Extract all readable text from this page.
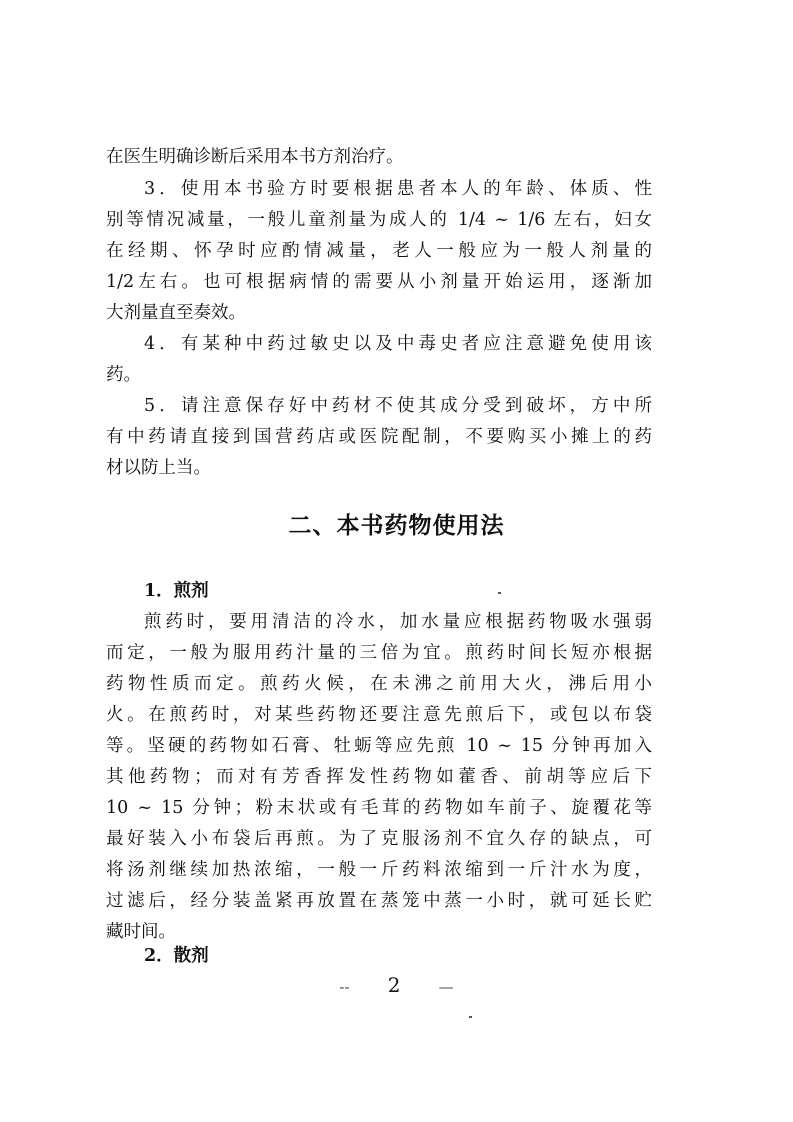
在医生明确诊断后采用本书方剂治疗。
3．使用本书验方时要根据患者本人的年龄、体质、性
别等情况减量，一般儿童剂量为成人的 1/4 ~ 1/6 左右，妇女
在经期、怀孕时应酌情减量，老人一般应为一般人剂量的
1/2左右。也可根据病情的需要从小剂量开始运用，逐渐加
大剂量直至奏效。
4．有某种中药过敏史以及中毒史者应注意避免使用该
药。
5．请注意保存好中药材不使其成分受到破坏，方中所
有中药请直接到国营药店或医院配制，不要购买小摊上的药
材以防上当。
二、本书药物使用法
1．煎剂
煎药时，要用清洁的冷水，加水量应根据药物吸水强弱
而定，一般为服用药汁量的三倍为宜。煎药时间长短亦根据
药物性质而定。煎药火候，在未沸之前用大火，沸后用小
火。在煎药时，对某些药物还要注意先煎后下，或包以布袋
等。坚硬的药物如石膏、牡蛎等应先煎 10 ~ 15 分钟再加入
其他药物；而对有芳香挥发性药物如藿香、前胡等应后下
10 ~ 15 分钟；粉末状或有毛茸的药物如车前子、旋覆花等
最好装入小布袋后再煎。为了克服汤剂不宜久存的缺点，可
将汤剂继续加热浓缩，一般一斤药料浓缩到一斤汁水为度，
过滤后，经分装盖紧再放置在蒸笼中蒸一小时，就可延长贮
藏时间。
2．散剂
-- 2	—
